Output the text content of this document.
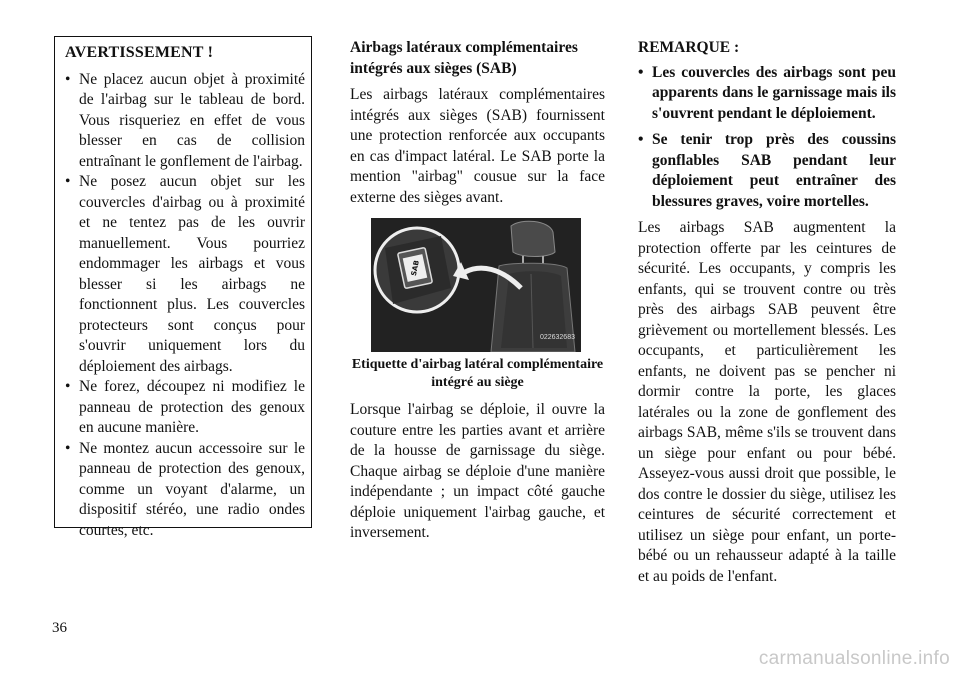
AVERTISSEMENT !
• Ne placez aucun objet à proximité de l'airbag sur le tableau de bord. Vous risqueriez en effet de vous blesser en cas de collision entraînant le gonflement de l'airbag.
• Ne posez aucun objet sur les couvercles d'airbag ou à proximité et ne tentez pas de les ouvrir manuellement. Vous pourriez endommager les airbags et vous blesser si les airbags ne fonctionnent plus. Les couvercles protecteurs sont conçus pour s'ouvrir uniquement lors du déploiement des airbags.
• Ne forez, découpez ni modifiez le panneau de protection des genoux en aucune manière.
• Ne montez aucun accessoire sur le panneau de protection des genoux, comme un voyant d'alarme, un dispositif stéréo, une radio ondes courtes, etc.
Airbags latéraux complémentaires intégrés aux sièges (SAB)

Les airbags latéraux complémentaires intégrés aux sièges (SAB) fournissent une protection renforcée aux occupants en cas d'impact latéral. Le SAB porte la mention "airbag" cousue sur la face externe des sièges avant.

SAB
022632683
Etiquette d'airbag latéral complémentaire intégré au siège

Lorsque l'airbag se déploie, il ouvre la couture entre les parties avant et arrière de la housse de garnissage du siège. Chaque airbag se déploie d'une manière indépendante ; un impact côté gauche déploie uniquement l'airbag gauche, et inversement.

REMARQUE :
• Les couvercles des airbags sont peu apparents dans le garnissage mais ils s'ouvrent pendant le déploiement.
• Se tenir trop près des coussins gonflables SAB pendant leur déploiement peut entraîner des blessures graves, voire mortelles.

Les airbags SAB augmentent la protection offerte par les ceintures de sécurité. Les occupants, y compris les enfants, qui se trouvent contre ou très près des airbags SAB peuvent être grièvement ou mortellement blessés. Les occupants, et particulièrement les enfants, ne doivent pas se pencher ni dormir contre la porte, les glaces latérales ou la zone de gonflement des airbags SAB, même s'ils se trouvent dans un siège pour enfant ou pour bébé. Asseyez-vous aussi droit que possible, le dos contre le dossier du siège, utilisez les ceintures de sécurité correctement et utilisez un siège pour enfant, un porte-bébé ou un rehausseur adapté à la taille et au poids de l'enfant.

36
carmanualsonline.info
